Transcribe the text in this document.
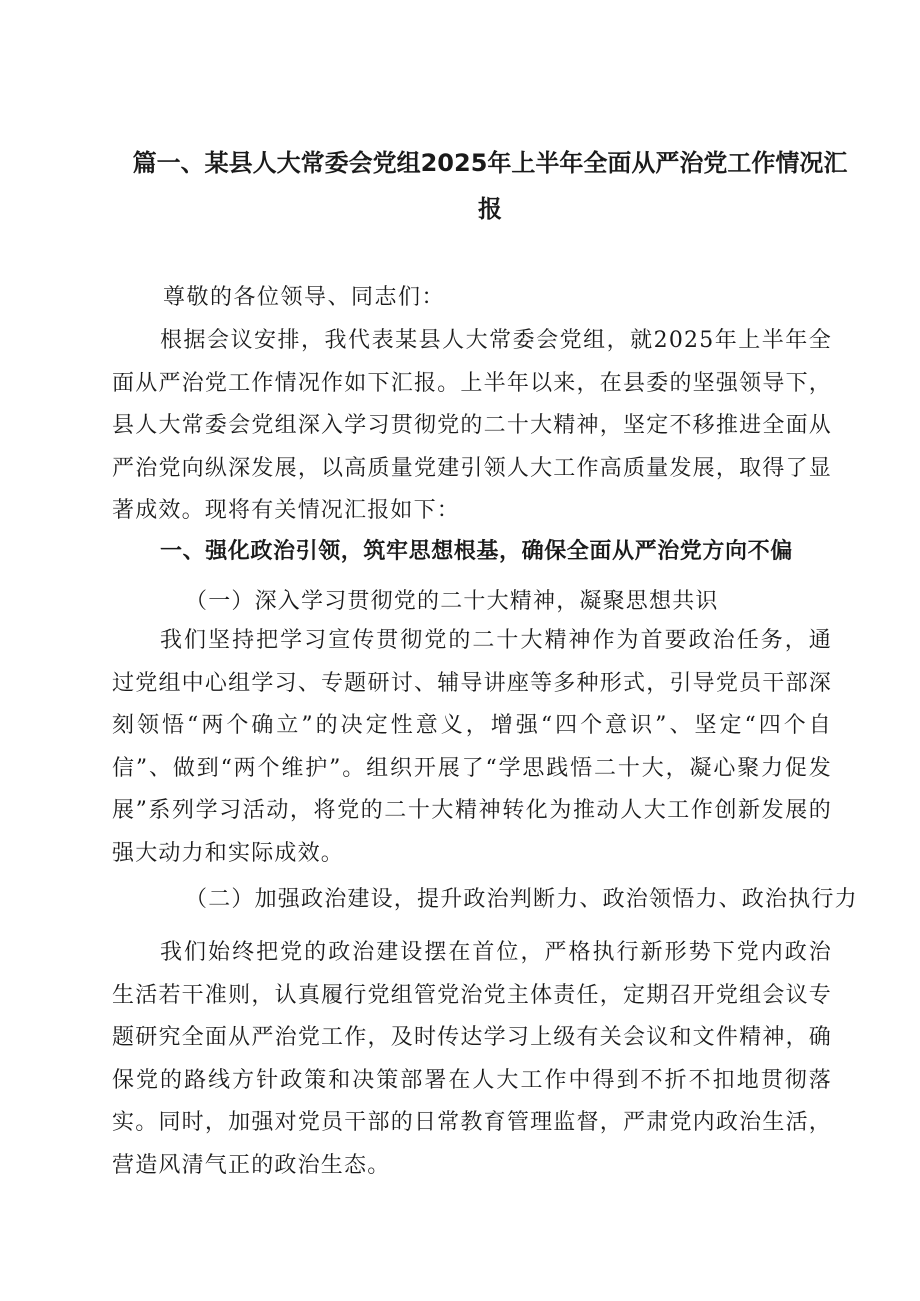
篇一、某县人大常委会党组2025年上半年全面从严治党工作情况汇报
尊敬的各位领导、同志们：
根据会议安排，我代表某县人大常委会党组，就2025年上半年全面从严治党工作情况作如下汇报。上半年以来，在县委的坚强领导下，县人大常委会党组深入学习贯彻党的二十大精神，坚定不移推进全面从严治党向纵深发展，以高质量党建引领人大工作高质量发展，取得了显著成效。现将有关情况汇报如下：
一、强化政治引领，筑牢思想根基，确保全面从严治党方向不偏
（一）深入学习贯彻党的二十大精神，凝聚思想共识
我们坚持把学习宣传贯彻党的二十大精神作为首要政治任务，通过党组中心组学习、专题研讨、辅导讲座等多种形式，引导党员干部深刻领悟“两个确立”的决定性意义，增强“四个意识”、坚定“四个自信”、做到“两个维护”。组织开展了“学思践悟二十大，凝心聚力促发展”系列学习活动，将党的二十大精神转化为推动人大工作创新发展的强大动力和实际成效。
（二）加强政治建设，提升政治判断力、政治领悟力、政治执行力
我们始终把党的政治建设摆在首位，严格执行新形势下党内政治生活若干准则，认真履行党组管党治党主体责任，定期召开党组会议专题研究全面从严治党工作，及时传达学习上级有关会议和文件精神，确保党的路线方针政策和决策部署在人大工作中得到不折不扣地贯彻落实。同时，加强对党员干部的日常教育管理监督，严肃党内政治生活，营造风清气正的政治生态。
